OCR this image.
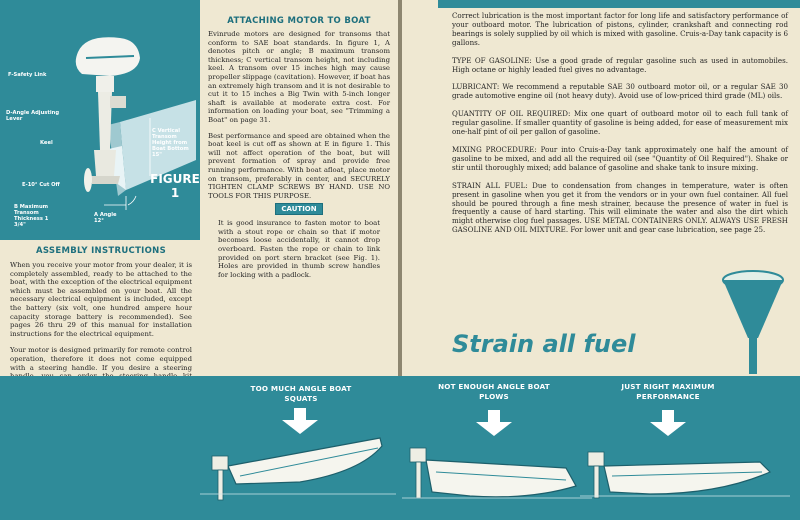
F-Safety Link
D-Angle Adjusting Lever
Keel
E-10° Cut Off
B Maximum Transom Thickness 1 3/4"
A Angle 12°
C Vertical Transom Height from Boat Bottom 15"
FIGURE 1

ASSEMBLY INSTRUCTIONS

When you receive your motor from your dealer, it is completely assembled, ready to be attached to the boat, with the exception of the electrical equipment which must be assembled on your boat. All the necessary electrical equipment is included, except the battery (six volt, one hundred ampere hour capacity storage battery is recommended). See pages 26 thru 29 of this manual for installation instructions for the electrical equipment.

Your motor is designed primarily for remote control operation, therefore it does not come equipped with a steering handle. If you desire a steering

ATTACHING MOTOR TO BOAT

Evinrude motors are designed for transoms that conform to SAE boat standards. In figure 1, A denotes pitch or angle; B maximum transom thickness; C vertical transom height, not including keel. A transom over 15 inches high may cause propeller slippage (cavitation). However, if boat has an extremely high transom and it is not desirable to cut it to 15 inches a Big Twin with 5-inch longer shaft is available at moderate extra cost. For information on loading your boat, see "Trimming a Boat" on page 31.

Best performance and speed are obtained when the boat keel is cut off as shown at E in figure 1. This will not affect operation of the boat, but will prevent formation of spray and provide free running performance. With boat afloat, place motor on transom, preferably in center, and SECURELY TIGHTEN CLAMP SCREWS BY HAND. USE NO TOOLS FOR THIS PURPOSE.

CAUTION

It is good insurance to fasten motor to boat with a stout rope or chain so that if motor becomes loose accidentally, it cannot drop overboard. Fasten the rope or chain to link provided on port stern bracket (see Fig. 1). Holes are provided in thumb screw handles for locking with a padlock.

Correct lubrication is the most important factor for long life and satisfactory performance of your outboard motor. The lubrication of pistons, cylinder, crankshaft and connecting rod bearings is solely supplied by oil which is mixed with gasoline. Cruis-a-Day tank capacity is 6 gallons.

TYPE OF GASOLINE: Use a good grade of regular gasoline such as used in automobiles. High octane or highly leaded fuel gives no advantage.

LUBRICANT: We recommend a reputable SAE 30 outboard motor oil, or a regular SAE 30 grade automotive engine oil (not heavy duty). Avoid use of low-priced third grade (ML) oils.

QUANTITY OF OIL REQUIRED: Mix one quart of outboard motor oil to each full tank of regular gasoline. If smaller quantity of gasoline is being added, for ease of measurement mix one-half pint of oil per gallon of gasoline.

MIXING PROCEDURE: Pour into Cruis-a-Day tank approximately one half the amount of gasoline to be mixed, and add all the required oil (see "Quantity of Oil Required"). Shake or stir until thoroughly mixed; add balance of gasoline and shake tank to insure mixing.

STRAIN ALL FUEL: Due to condensation from changes in temperature, water is often present in gasoline when you get it from the vendors or in your own fuel container. All fuel should be poured through a fine mesh strainer, because the presence of water in fuel is frequently a cause of hard starting. This will eliminate the water and also the dirt which might otherwise clog fuel passages. USE METAL CONTAINERS ONLY. ALWAYS USE FRESH GASOLINE AND OIL MIXTURE. For lower unit and gear case lubrication, see page 25.

Strain all fuel
TOO MUCH ANGLE BOAT SQUATS
NOT ENOUGH ANGLE BOAT PLOWS
JUST RIGHT MAXIMUM PERFORMANCE
